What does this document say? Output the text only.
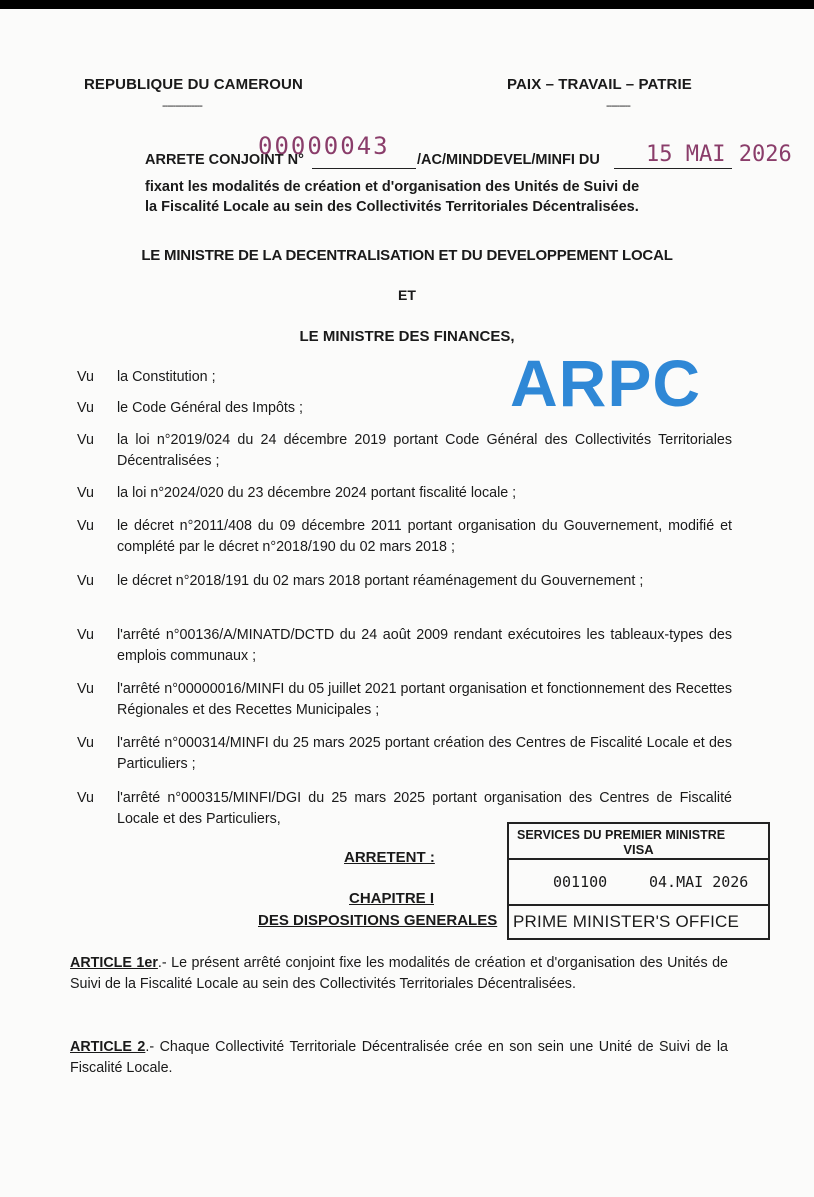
REPUBLIQUE DU CAMEROUN
---------------
PAIX – TRAVAIL – PATRIE
---------
ARRETE CONJOINT N°
00000043 /AC/MINDDEVEL/MINFI DU 15 MAI 2026
fixant les modalités de création et d'organisation des Unités de Suivi de
la Fiscalité Locale au sein des Collectivités Territoriales Décentralisées.
LE MINISTRE DE LA DECENTRALISATION ET DU DEVELOPPEMENT LOCAL
ET
LE MINISTRE DES FINANCES,
ARPC
Vu la Constitution ;
Vu le Code Général des Impôts ;
Vu la loi n°2019/024 du 24 décembre 2019 portant Code Général des Collectivités Territoriales Décentralisées ;
Vu la loi n°2024/020 du 23 décembre 2024 portant fiscalité locale ;
Vu le décret n°2011/408 du 09 décembre 2011 portant organisation du Gouvernement, modifié et complété par le décret n°2018/190 du 02 mars 2018 ;
Vu le décret n°2018/191 du 02 mars 2018 portant réaménagement du Gouvernement ;
Vu l'arrêté n°00136/A/MINATD/DCTD du 24 août 2009 rendant exécutoires les tableaux-types des emplois communaux ;
Vu l'arrêté n°00000016/MINFI du 05 juillet 2021 portant organisation et fonctionnement des Recettes Régionales et des Recettes Municipales ;
Vu l'arrêté n°000314/MINFI du 25 mars 2025 portant création des Centres de Fiscalité Locale et des Particuliers ;
Vu l'arrêté n°000315/MINFI/DGI du 25 mars 2025 portant organisation des Centres de Fiscalité Locale et des Particuliers,
ARRETENT :
CHAPITRE I
DES DISPOSITIONS GENERALES
SERVICES DU PREMIER MINISTRE
VISA
001100	04.MAI 2026
PRIME MINISTER'S OFFICE
ARTICLE 1er.- Le présent arrêté conjoint fixe les modalités de création et d'organisation des Unités de Suivi de la Fiscalité Locale au sein des Collectivités Territoriales Décentralisées.
ARTICLE 2.- Chaque Collectivité Territoriale Décentralisée crée en son sein une Unité de Suivi de la Fiscalité Locale.
